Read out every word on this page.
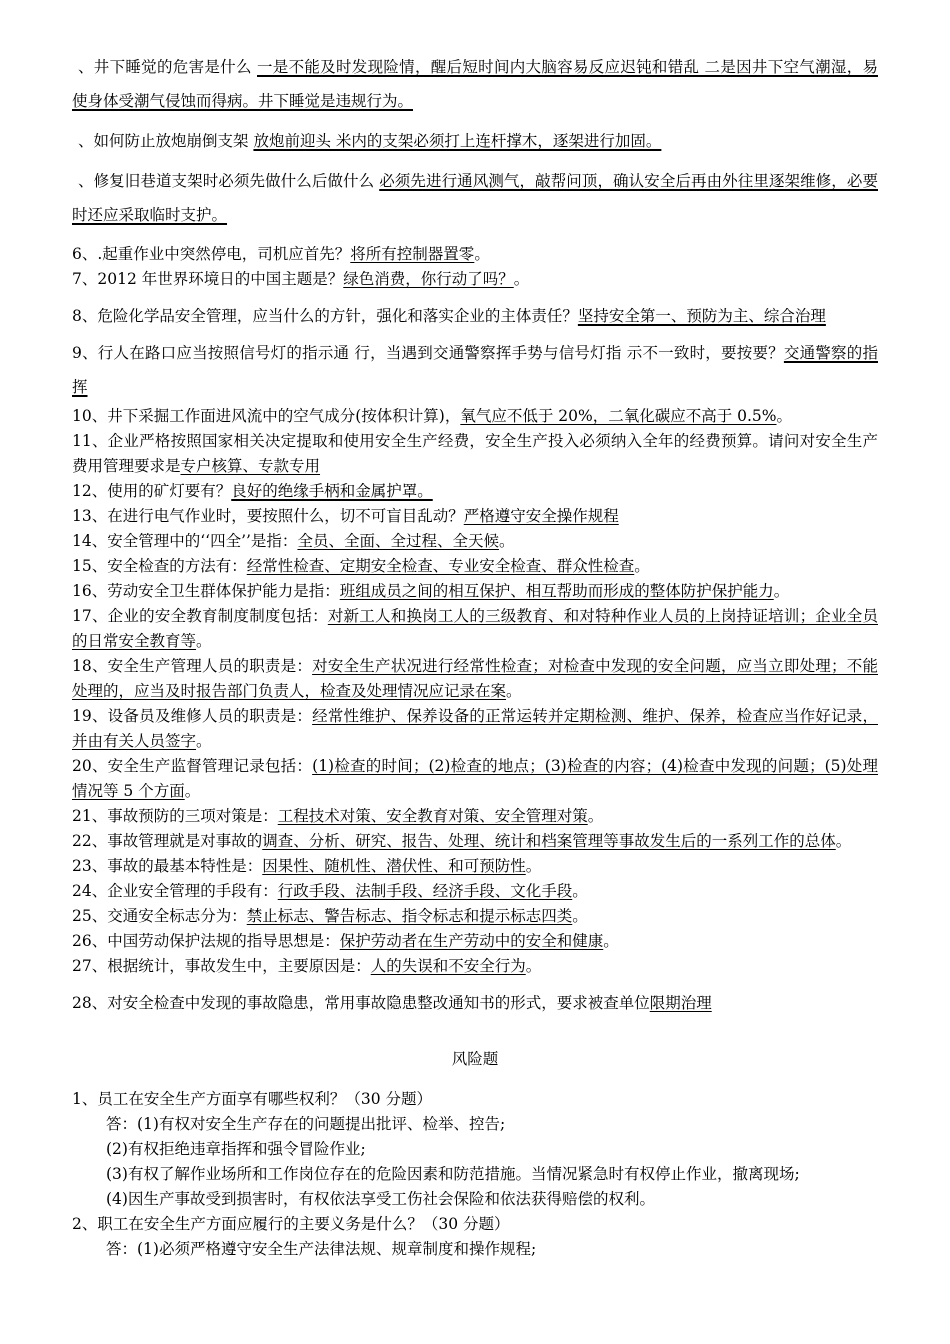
、井下睡觉的危害是什么 一是不能及时发现险情，醒后短时间内大脑容易反应迟钝和错乱 二是因井下空气潮湿，易使身体受潮气侵蚀而得病。井下睡觉是违规行为。

、如何防止放炮崩倒支架 放炮前迎头 米内的支架必须打上连杆撑木，逐架进行加固。

、修复旧巷道支架时必须先做什么后做什么 必须先进行通风测气，敲帮问顶，确认安全后再由外往里逐架维修，必要时还应采取临时支护。

6、.起重作业中突然停电，司机应首先？将所有控制器置零。

7、2012 年世界环境日的中国主题是？绿色消费，你行动了吗？。

8、危险化学品安全管理，应当什么的方针，强化和落实企业的主体责任？坚持安全第一、预防为主、综合治理

9、行人在路口应当按照信号灯的指示通 行，当遇到交通警察挥手势与信号灯指 示不一致时，要按要？交通警察的指挥

10、井下采掘工作面进风流中的空气成分(按体积计算)，氧气应不低于 20%，二氧化碳应不高于 0.5%。

11、企业严格按照国家相关决定提取和使用安全生产经费，安全生产投入必须纳入全年的经费预算。请问对安全生产费用管理要求是专户核算、专款专用

12、使用的矿灯要有？良好的绝缘手柄和金属护罩。

13、在进行电气作业时，要按照什么，切不可盲目乱动？严格遵守安全操作规程

14、安全管理中的‘‘四全’’是指：全员、全面、全过程、全天候。

15、安全检查的方法有：经常性检查、定期安全检查、专业安全检查、群众性检查。

16、劳动安全卫生群体保护能力是指：班组成员之间的相互保护、相互帮助而形成的整体防护保护能力。

17、企业的安全教育制度制度包括：对新工人和换岗工人的三级教育、和对特种作业人员的上岗持证培训；企业全员的日常安全教育等。

18、安全生产管理人员的职责是：对安全生产状况进行经常性检查；对检查中发现的安全问题，应当立即处理；不能处理的，应当及时报告部门负责人，检查及处理情况应记录在案。

19、设备员及维修人员的职责是：经常性维护、保养设备的正常运转并定期检测、维护、保养，检查应当作好记录，并由有关人员签字。

20、安全生产监督管理记录包括：(1)检查的时间；(2)检查的地点；(3)检查的内容；(4)检查中发现的问题；(5)处理情况等 5 个方面。

21、事故预防的三项对策是：工程技术对策、安全教育对策、安全管理对策。

22、事故管理就是对事故的调查、分析、研究、报告、处理、统计和档案管理等事故发生后的一系列工作的总体。

23、事故的最基本特性是：因果性、随机性、潜伏性、和可预防性。

24、企业安全管理的手段有：行政手段、法制手段、经济手段、文化手段。

25、交通安全标志分为：禁止标志、警告标志、指令标志和提示标志四类。

26、中国劳动保护法规的指导思想是：保护劳动者在生产劳动中的安全和健康。

27、根据统计，事故发生中，主要原因是：人的失误和不安全行为。

28、对安全检查中发现的事故隐患，常用事故隐患整改通知书的形式，要求被查单位限期治理

风险题

1、员工在安全生产方面享有哪些权利？（30 分题）

答：(1)有权对安全生产存在的问题提出批评、检举、控告;

(2)有权拒绝违章指挥和强令冒险作业;

(3)有权了解作业场所和工作岗位存在的危险因素和防范措施。当情况紧急时有权停止作业，撤离现场;

(4)因生产事故受到损害时，有权依法享受工伤社会保险和依法获得赔偿的权利。

2、职工在安全生产方面应履行的主要义务是什么？（30 分题）

答：(1)必须严格遵守安全生产法律法规、规章制度和操作规程;
